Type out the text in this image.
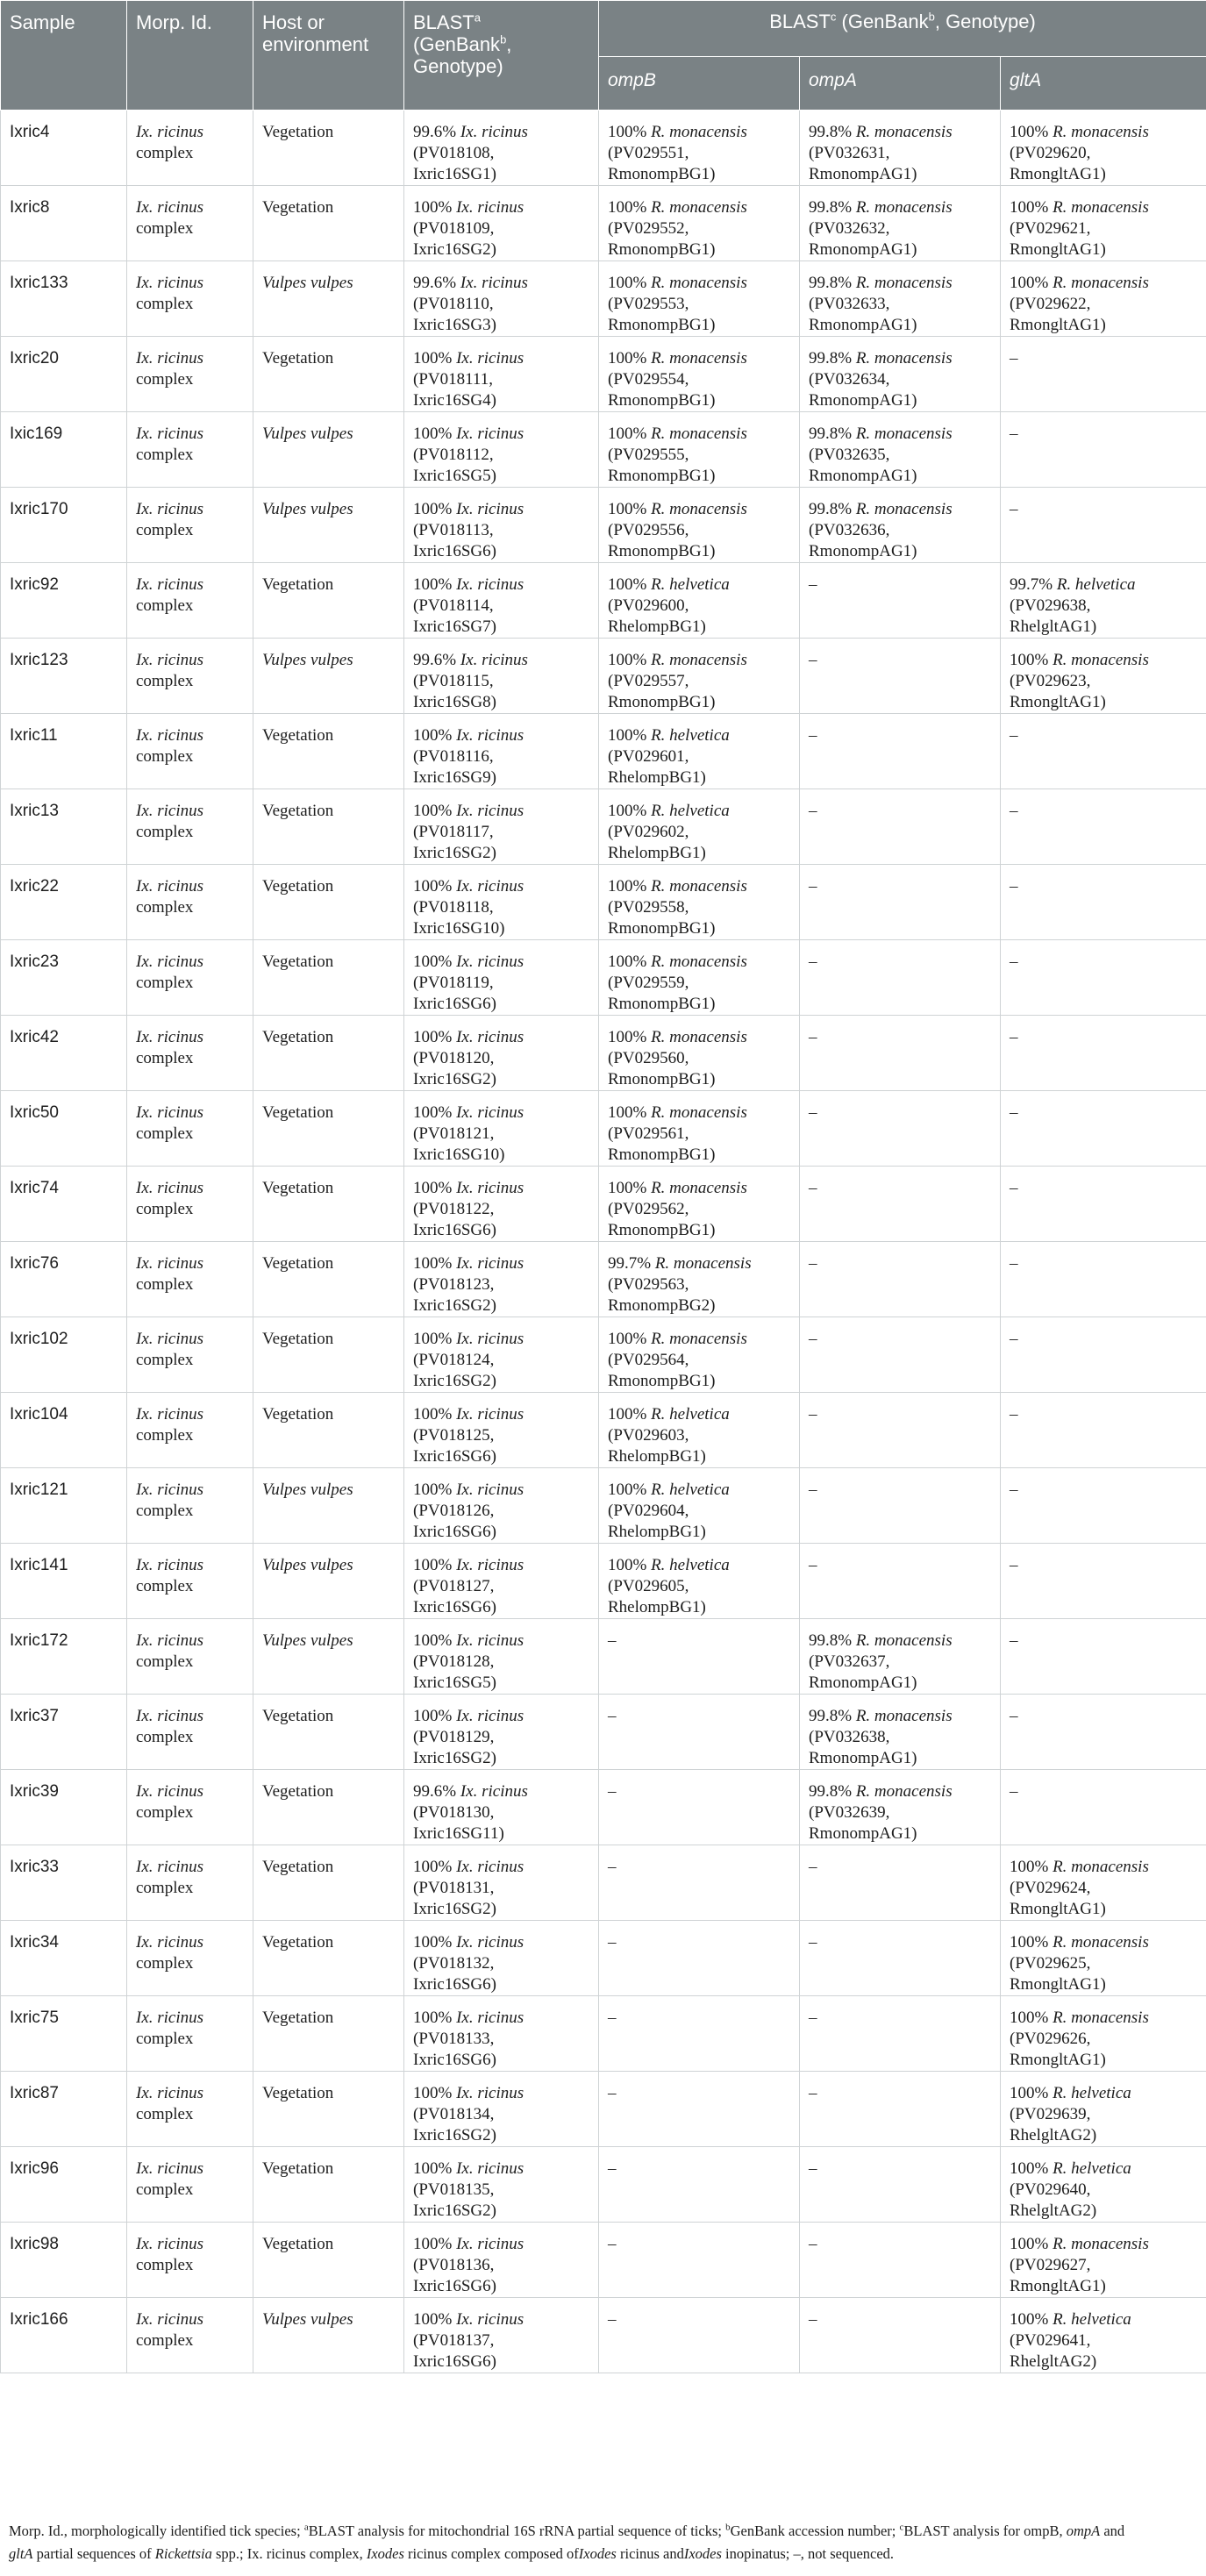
Sample	Morp. Id.	Host or environment	BLAST$^a$
(GenBank$^b$, Genotype)	BLAST$^c$ (GenBank$^b$, Genotype)		
				ompB	ompA	gltA
Ixric4	Ix. ricinus
complex	Vegetation	99.6% Ix. ricinus
(PV018108,
Ixric16SG1)	100% R. monacensis
(PV029551,
RmonompBG1)	99.8% R. monacensis
(PV032631,
RmonompAG1)	100% R. monacensis
(PV029620,
RmongltAG1)
Ixric8	Ix. ricinus
complex	Vegetation	100% Ix. ricinus
(PV018109,
Ixric16SG2)	100% R. monacensis
(PV029552,
RmonompBG1)	99.8% R. monacensis
(PV032632,
RmonompAG1)	100% R. monacensis
(PV029621,
RmongltAG1)
Ixric133	Ix. ricinus
complex	Vulpes vulpes	99.6% Ix. ricinus
(PV018110,
Ixric16SG3)	100% R. monacensis
(PV029553,
RmonompBG1)	99.8% R. monacensis
(PV032633,
RmonompAG1)	100% R. monacensis
(PV029622,
RmongltAG1)
Ixric20	Ix. ricinus
complex	Vegetation	100% Ix. ricinus
(PV018111,
Ixric16SG4)	100% R. monacensis
(PV029554,
RmonompBG1)	99.8% R. monacensis
(PV032634,
RmonompAG1)	–
Ixic169	Ix. ricinus
complex	Vulpes vulpes	100% Ix. ricinus
(PV018112,
Ixric16SG5)	100% R. monacensis
(PV029555,
RmonompBG1)	99.8% R. monacensis
(PV032635,
RmonompAG1)	–
Ixric170	Ix. ricinus
complex	Vulpes vulpes	100% Ix. ricinus
(PV018113,
Ixric16SG6)	100% R. monacensis
(PV029556,
RmonompBG1)	99.8% R. monacensis
(PV032636,
RmonompAG1)	–
Ixric92	Ix. ricinus
complex	Vegetation	100% Ix. ricinus
(PV018114,
Ixric16SG7)	100% R. helvetica
(PV029600,
RhelompBG1)	–	99.7% R. helvetica
(PV029638,
RhelgltAG1)
Ixric123	Ix. ricinus
complex	Vulpes vulpes	99.6% Ix. ricinus
(PV018115,
Ixric16SG8)	100% R. monacensis
(PV029557,
RmonompBG1)	–	100% R. monacensis
(PV029623,
RmongltAG1)
Ixric11	Ix. ricinus
complex	Vegetation	100% Ix. ricinus
(PV018116,
Ixric16SG9)	100% R. helvetica
(PV029601,
RhelompBG1)	–	–
Ixric13	Ix. ricinus
complex	Vegetation	100% Ix. ricinus
(PV018117,
Ixric16SG2)	100% R. helvetica
(PV029602,
RhelompBG1)	–	–
Ixric22	Ix. ricinus
complex	Vegetation	100% Ix. ricinus
(PV018118,
Ixric16SG10)	100% R. monacensis
(PV029558,
RmonompBG1)	–	–
Ixric23	Ix. ricinus
complex	Vegetation	100% Ix. ricinus
(PV018119,
Ixric16SG6)	100% R. monacensis
(PV029559,
RmonompBG1)	–	–
Ixric42	Ix. ricinus
complex	Vegetation	100% Ix. ricinus
(PV018120,
Ixric16SG2)	100% R. monacensis
(PV029560,
RmonompBG1)	–	–
Ixric50	Ix. ricinus
complex	Vegetation	100% Ix. ricinus
(PV018121,
Ixric16SG10)	100% R. monacensis
(PV029561,
RmonompBG1)	–	–
Ixric74	Ix. ricinus
complex	Vegetation	100% Ix. ricinus
(PV018122,
Ixric16SG6)	100% R. monacensis
(PV029562,
RmonompBG1)	–	–
Ixric76	Ix. ricinus
complex	Vegetation	100% Ix. ricinus
(PV018123,
Ixric16SG2)	99.7% R. monacensis
(PV029563,
RmonompBG2)	–	–
Ixric102	Ix. ricinus
complex	Vegetation	100% Ix. ricinus
(PV018124,
Ixric16SG2)	100% R. monacensis
(PV029564,
RmonompBG1)	–	–
Ixric104	Ix. ricinus
complex	Vegetation	100% Ix. ricinus
(PV018125,
Ixric16SG6)	100% R. helvetica
(PV029603,
RhelompBG1)	–	–
Ixric121	Ix. ricinus
complex	Vulpes vulpes	100% Ix. ricinus
(PV018126,
Ixric16SG6)	100% R. helvetica
(PV029604,
RhelompBG1)	–	–
Ixric141	Ix. ricinus
complex	Vulpes vulpes	100% Ix. ricinus
(PV018127,
Ixric16SG6)	100% R. helvetica
(PV029605,
RhelompBG1)	–	–
Ixric172	Ix. ricinus
complex	Vulpes vulpes	100% Ix. ricinus
(PV018128,
Ixric16SG5)	–	99.8% R. monacensis
(PV032637,
RmonompAG1)	–
Ixric37	Ix. ricinus
complex	Vegetation	100% Ix. ricinus
(PV018129,
Ixric16SG2)	–	99.8% R. monacensis
(PV032638,
RmonompAG1)	–
Ixric39	Ix. ricinus
complex	Vegetation	99.6% Ix. ricinus
(PV018130,
Ixric16SG11)	–	99.8% R. monacensis
(PV032639,
RmonompAG1)	–
Ixric33	Ix. ricinus
complex	Vegetation	100% Ix. ricinus
(PV018131,
Ixric16SG2)	–	–	100% R. monacensis
(PV029624,
RmongltAG1)
Ixric34	Ix. ricinus
complex	Vegetation	100% Ix. ricinus
(PV018132,
Ixric16SG6)	–	–	100% R. monacensis
(PV029625,
RmongltAG1)
Ixric75	Ix. ricinus
complex	Vegetation	100% Ix. ricinus
(PV018133,
Ixric16SG6)	–	–	100% R. monacensis
(PV029626,
RmongltAG1)
Ixric87	Ix. ricinus
complex	Vegetation	100% Ix. ricinus
(PV018134,
Ixric16SG2)	–	–	100% R. helvetica
(PV029639,
RhelgltAG2)
Ixric96	Ix. ricinus
complex	Vegetation	100% Ix. ricinus
(PV018135,
Ixric16SG2)	–	–	100% R. helvetica
(PV029640,
RhelgltAG2)
Ixric98	Ix. ricinus
complex	Vegetation	100% Ix. ricinus
(PV018136,
Ixric16SG6)	–	–	100% R. monacensis
(PV029627,
RmongltAG1)
Ixric166	Ix. ricinus
complex	Vulpes vulpes	100% Ix. ricinus
(PV018137,
Ixric16SG6)	–	–	100% R. helvetica
(PV029641,
RhelgltAG2)
Morp. Id., morphologically identified tick species; $^a$BLAST analysis for mitochondrial 16S rRNA partial sequence of ticks; $^b$GenBank accession number; $^c$BLAST analysis for ompB, ompA and
gltA partial sequences of Rickettsia spp.; Ix. ricinus complex, Ixodes ricinus complex composed ofIxodes ricinus andIxodes inopinatus; –, not sequenced.
